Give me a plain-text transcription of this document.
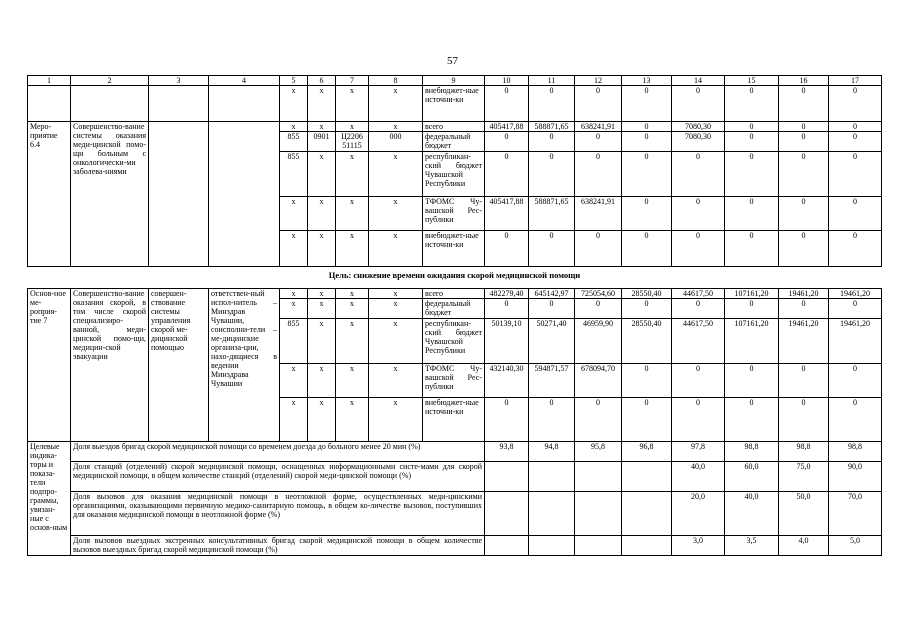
57
1	2	3	4	5	6	7	8	9	10	11	12	13	14	15	16	17
				х	х	х	х	внебюджет-ные источни-ки	0	0	0	0	0	0	0	0
Меро-приятие 6.4	Совершенство-вание системы оказания меди-цинской помо-щи больным с онкологически-ми заболева-ниями			х	х	х	х	всего	405417,88	588871,65	638241,91	0	7080,30	0	0	0
				855	0901	Ц2206 51115	000	федеральный бюджет	0	0	0	0	7080,30	0	0	0
				855	х	х	х	республикан-ский бюджет Чувашской Республики	0	0	0	0	0	0	0	0
				х	х	х	х	ТФОМС Чу-вашской Рес-публики	405417,88	588871,65	638241,91	0	0	0	0	0
				х	х	х	х	внебюджет-ные источни-ки	0	0	0	0	0	0	0	0
Цель: снижение времени ожидания скорой медицинской помощи																
Основ-ное ме-роприя-тие 7	Совершенство-вание оказания скорой, в том числе скорой специализиро-ванной, меди-цинской помо-щи, медицин-ской эвакуации	совершен-ствование системы управления скорой ме-дицинской помощью	ответствен-ный испол-нитель – Минздрав Чувашии, соисполни-тели – ме-дицинские организа-ции, нахо-дящиеся в ведении Минздрава Чувашии	х	х	х	х	всего	482279,40	645142,97	725054,60	28550,40	44617,50	107161,20	19461,20	19461,20
				х	х	х	х	федеральный бюджет	0	0	0	0	0	0	0	0
				855	х	х	х	республикан-ский бюджет Чувашской Республики	50139,10	50271,40	46959,90	28550,40	44617,50	107161,20	19461,20	19461,20
				х	х	х	х	ТФОМС Чу-вашской Рес-публики	432140,30	594871,57	678094,70	0	0	0	0	0
				х	х	х	х	внебюджет-ные источни-ки	0	0	0	0	0	0	0	0
Целевые индика-торы и показа-тели подпро-граммы, увязан-ные с основ-ным	Доля выездов бригад скорой медицинской помощи со временем доезда до больного менее 20 мин (%)								93,8	94,8	95,8	96,8	97,8	98,8	98,8	98,8
	Доля станций (отделений) скорой медицинской помощи, оснащенных информационными систе-мами для скорой медицинской помощи, в общем количестве станций (отделений) скорой меди-цинской помощи (%)												40,0	60,0	75,0	90,0
	Доля вызовов для оказания медицинской помощи в неотложной форме, осуществленных меди-цинскими организациями, оказывающими первичную медико-санитарную помощь, в общем ко-личестве вызовов, поступивших для оказания медицинской помощи в неотложной форме (%)												20,0	40,0	50,0	70,0
	Доля вызовов выездных экстренных консультативных бригад скорой медицинской помощи в общем количестве вызовов выездных бригад скорой медицинской помощи (%)												3,0	3,5	4,0	5,0
